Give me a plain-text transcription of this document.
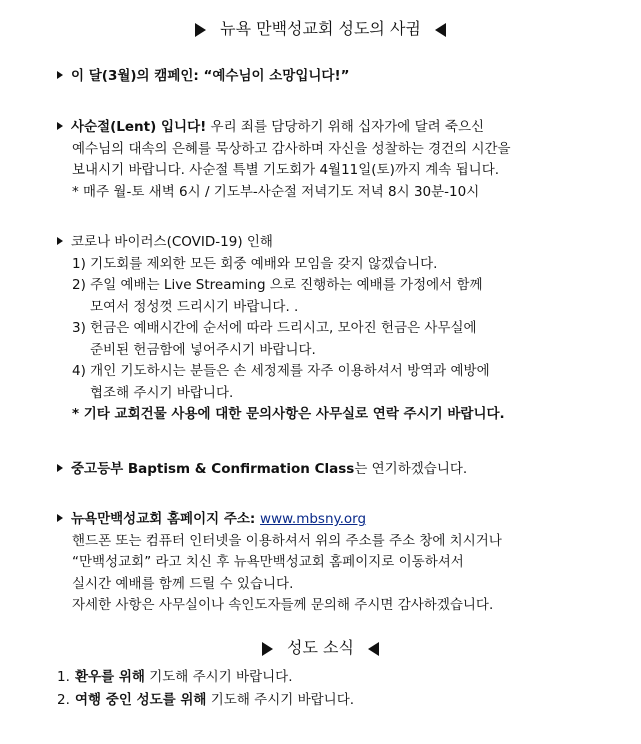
뉴욕 만백성교회 성도의 사귐
이 달(3월)의 캠페인: “예수님이 소망입니다!”
사순절(Lent) 입니다! 우리 죄를 담당하기 위해 십자가에 달려 죽으신
예수님의 대속의 은혜를 묵상하고 감사하며 자신을 성찰하는 경건의 시간을
보내시기 바랍니다. 사순절 특별 기도회가 4월11일(토)까지 계속 됩니다.
* 매주 월-토 새벽 6시 / 기도부-사순절 저녁기도 저녁 8시 30분-10시
코로나 바이러스(COVID-19) 인해
1) 기도회를 제외한 모든 회중 예배와 모임을 갖지 않겠습니다.
2) 주일 예배는 Live Streaming 으로 진행하는 예배를 가정에서 함께
모여서 정성껏 드리시기 바랍니다. .
3) 헌금은 예배시간에 순서에 따라 드리시고, 모아진 헌금은 사무실에
준비된 헌금함에 넣어주시기 바랍니다.
4) 개인 기도하시는 분들은 손 세정제를 자주 이용하셔서 방역과 예방에
협조해 주시기 바랍니다.
* 기타 교회건물 사용에 대한 문의사항은 사무실로 연락 주시기 바랍니다.
중고등부 Baptism & Confirmation Class는 연기하겠습니다.
뉴욕만백성교회 홈페이지 주소: www.mbsny.org
핸드폰 또는 컴퓨터 인터넷을 이용하셔서 위의 주소를 주소 창에 치시거나
“만백성교회” 라고 치신 후 뉴욕만백성교회 홈페이지로 이동하셔서
실시간 예배를 함께 드릴 수 있습니다.
자세한 사항은 사무실이나 속인도자들께 문의해 주시면 감사하겠습니다.
성도 소식
1. 환우를 위해 기도해 주시기 바랍니다.
2. 여행 중인 성도를 위해 기도해 주시기 바랍니다.
